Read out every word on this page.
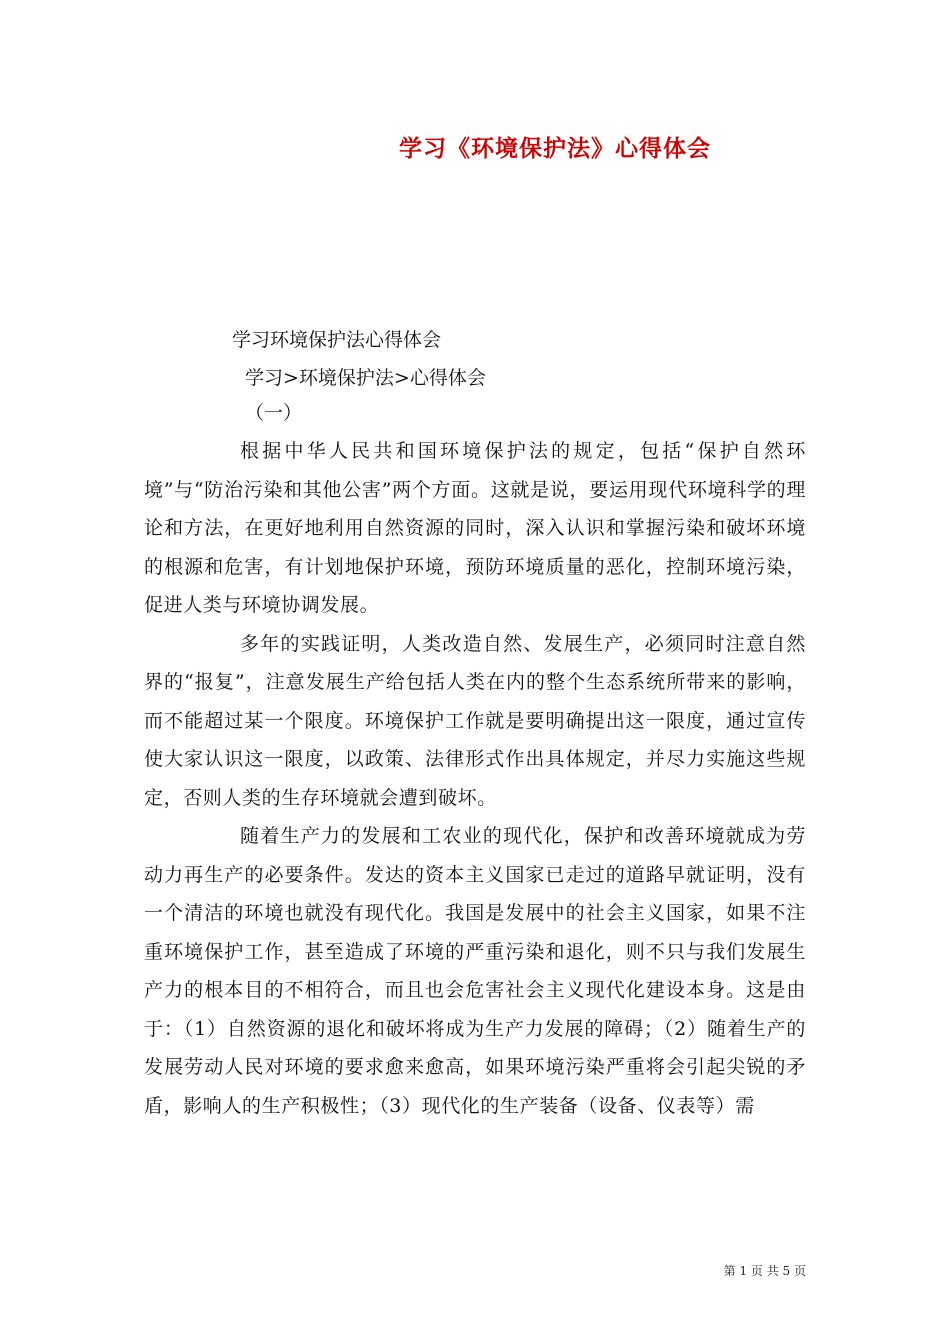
学习《环境保护法》心得体会
学习环境保护法心得体会
学习>环境保护法>心得体会
（一）

根据中华人民共和国环境保护法的规定，包括“保护自然环境”与“防治污染和其他公害”两个方面。这就是说，要运用现代环境科学的理论和方法，在更好地利用自然资源的同时，深入认识和掌握污染和破坏环境的根源和危害，有计划地保护环境，预防环境质量的恶化，控制环境污染，促进人类与环境协调发展。

多年的实践证明，人类改造自然、发展生产，必须同时注意自然界的“报复”，注意发展生产给包括人类在内的整个生态系统所带来的影响，而不能超过某一个限度。环境保护工作就是要明确提出这一限度，通过宣传使大家认识这一限度，以政策、法律形式作出具体规定，并尽力实施这些规定，否则人类的生存环境就会遭到破坏。

随着生产力的发展和工农业的现代化，保护和改善环境就成为劳动力再生产的必要条件。发达的资本主义国家已走过的道路早就证明，没有一个清洁的环境也就没有现代化。我国是发展中的社会主义国家，如果不注重环境保护工作，甚至造成了环境的严重污染和退化，则不只与我们发展生产力的根本目的不相符合，而且也会危害社会主义现代化建设本身。这是由于：（1）自然资源的退化和破坏将成为生产力发展的障碍；（2）随着生产的发展劳动人民对环境的要求愈来愈高，如果环境污染严重将会引起尖锐的矛盾，影响人的生产积极性；（3）现代化的生产装备（设备、仪表等）需

第 1 页 共 5 页
